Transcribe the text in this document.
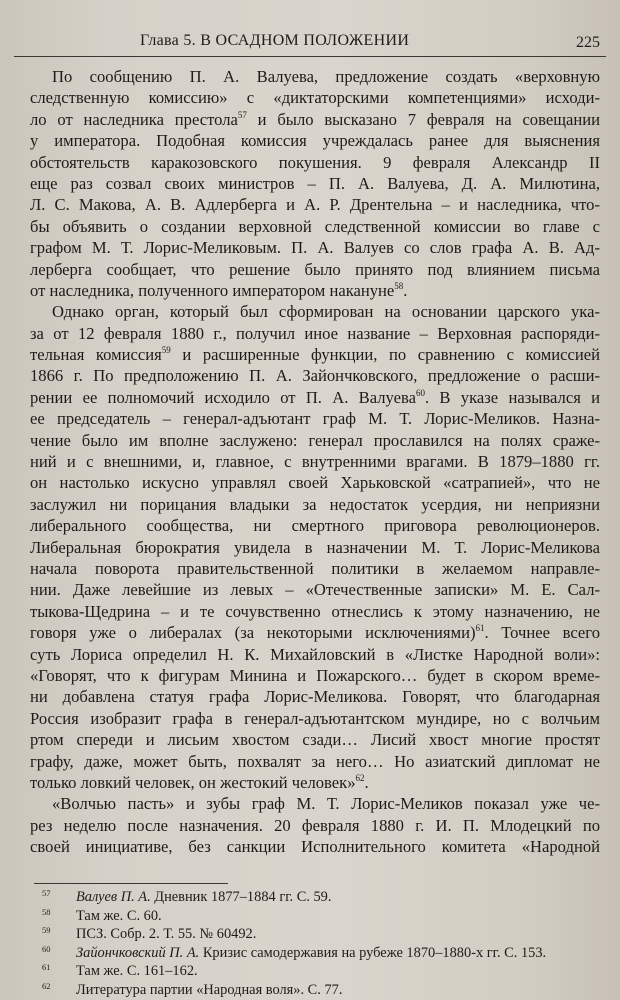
Глава 5. В ОСАДНОМ ПОЛОЖЕНИИ	225
По сообщению П. А. Валуева, предложение создать «верховную
следственную комиссию» с «диктаторскими компетенциями» исходи-
ло от наследника престола$^{57}$ и было высказано 7 февраля на совещании
у императора. Подобная комиссия учреждалась ранее для выяснения
обстоятельств каракозовского покушения. 9 февраля Александр II
еще раз созвал своих министров – П. А. Валуева, Д. А. Милютина,
Л. С. Макова, А. В. Адлерберга и А. Р. Дрентельна – и наследника, что-
бы объявить о создании верховной следственной комиссии во главе с
графом М. Т. Лорис-Меликовым. П. А. Валуев со слов графа А. В. Ад-
лерберга сообщает, что решение было принято под влиянием письма
от наследника, полученного императором накануне$^{58}$.
Однако орган, который был сформирован на основании царского ука-
за от 12 февраля 1880 г., получил иное название – Верховная распоряди-
тельная комиссия$^{59}$ и расширенные функции, по сравнению с комиссией
1866 г. По предположению П. А. Зайончковского, предложение о расши-
рении ее полномочий исходило от П. А. Валуева$^{60}$. В указе назывался и
ее председатель – генерал-адъютант граф М. Т. Лорис-Меликов. Назна-
чение было им вполне заслужено: генерал прославился на полях сраже-
ний и с внешними, и, главное, с внутренними врагами. В 1879–1880 гг.
он настолько искусно управлял своей Харьковской «сатрапией», что не
заслужил ни порицания владыки за недостаток усердия, ни неприязни
либерального сообщества, ни смертного приговора революционеров.
Либеральная бюрократия увидела в назначении М. Т. Лорис-Меликова
начала поворота правительственной политики в желаемом направле-
нии. Даже левейшие из левых – «Отечественные записки» М. Е. Сал-
тыкова-Щедрина – и те сочувственно отнеслись к этому назначению, не
говоря уже о либералах (за некоторыми исключениями)$^{61}$. Точнее всего
суть Лориса определил Н. К. Михайловский в «Листке Народной воли»:
«Говорят, что к фигурам Минина и Пожарского… будет в скором време-
ни добавлена статуя графа Лорис-Меликова. Говорят, что благодарная
Россия изобразит графа в генерал-адъютантском мундире, но с волчьим
ртом спереди и лисьим хвостом сзади… Лисий хвост многие простят
графу, даже, может быть, похвалят за него… Но азиатский дипломат не
только ловкий человек, он жестокий человек»$^{62}$.
«Волчью пасть» и зубы граф М. Т. Лорис-Меликов показал уже че-
рез неделю после назначения. 20 февраля 1880 г. И. П. Млодецкий по
своей инициативе, без санкции Исполнительного комитета «Народной
57 Валуев П. А. Дневник 1877–1884 гг. С. 59.
58 Там же. С. 60.
59 ПСЗ. Собр. 2. Т. 55. № 60492.
60 Зайончковский П. А. Кризис самодержавия на рубеже 1870–1880-х гг. С. 153.
61 Там же. С. 161–162.
62 Литература партии «Народная воля». С. 77.
